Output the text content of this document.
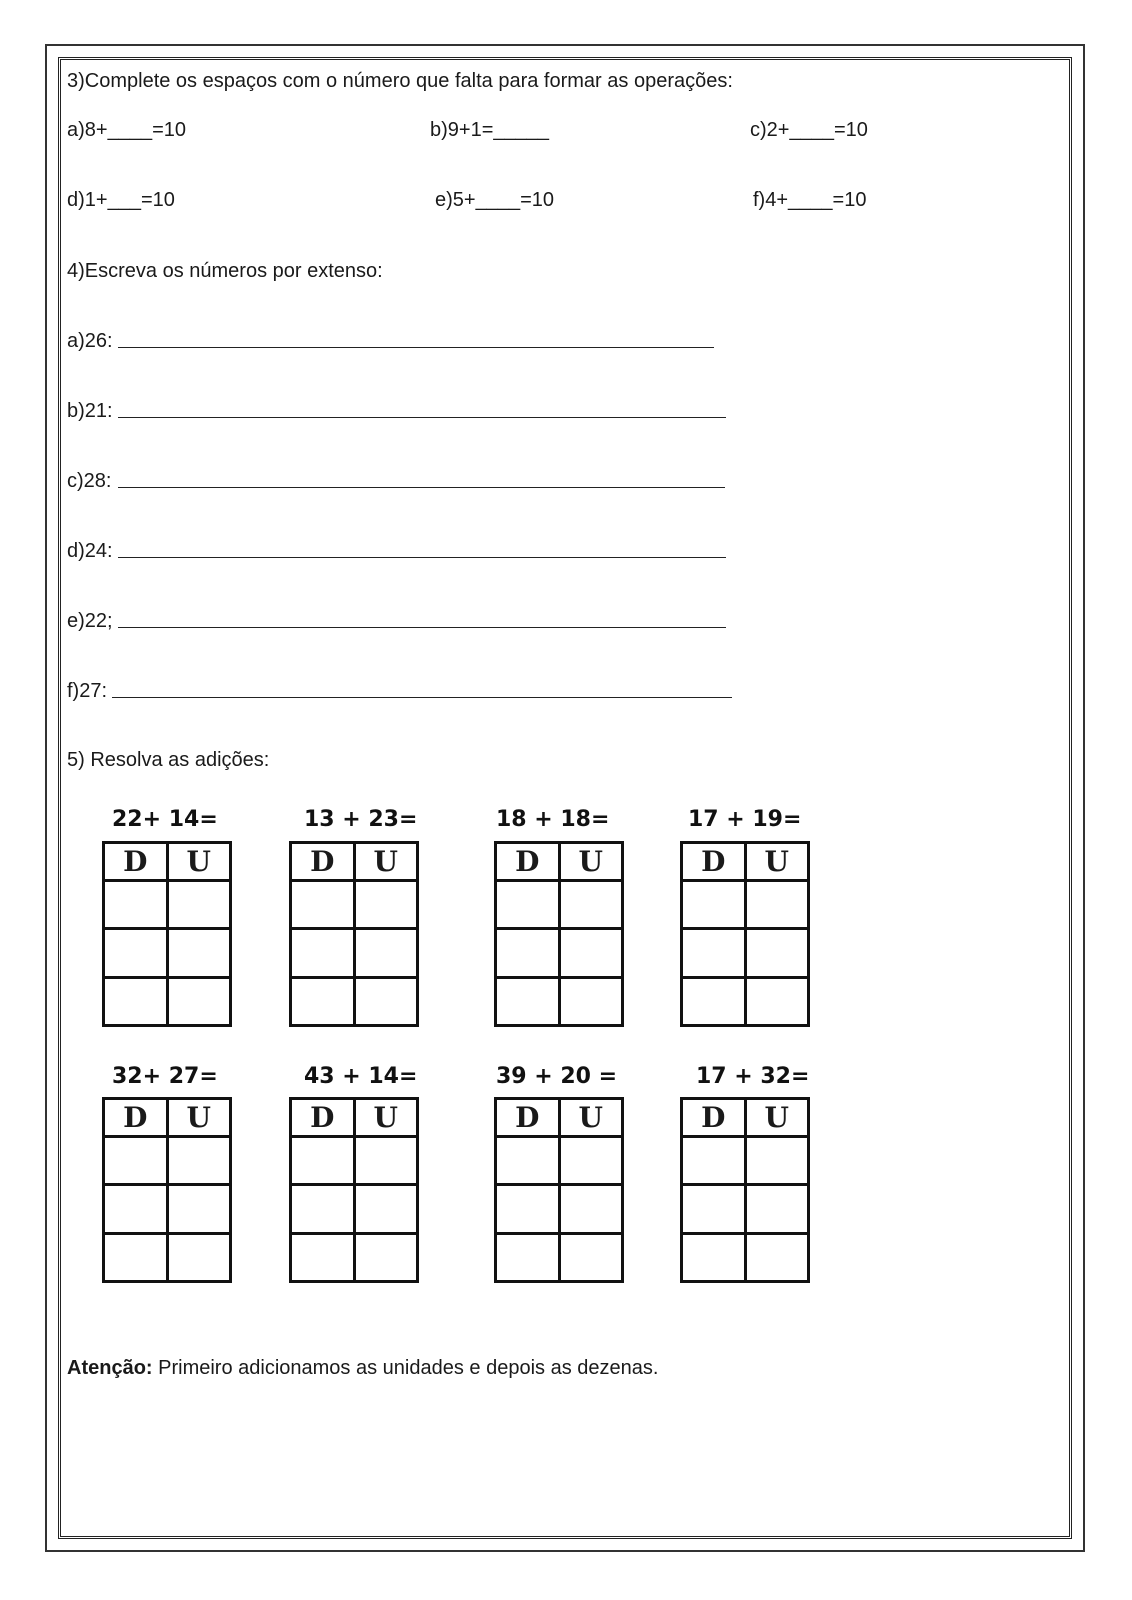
3)Complete os espaços com o número que falta para formar as operações:
a)8+____=10	b)9+1=_____	c)2+____=10
d)1+___=10	e)5+____=10	f)4+____=10
4)Escreva os números por extenso:
a)26:
b)21:
c)28:
d)24:
e)22;
f)27:
5) Resolva as adições:
22+ 14=
D	U

13 + 23=
D	U

18 + 18=
D	U

17 + 19=
D	U

32+ 27=
D	U

43 + 14=
D	U

39 + 20 =
D	U

17 + 32=
D	U

Atenção: Primeiro adicionamos as unidades e depois as dezenas.
